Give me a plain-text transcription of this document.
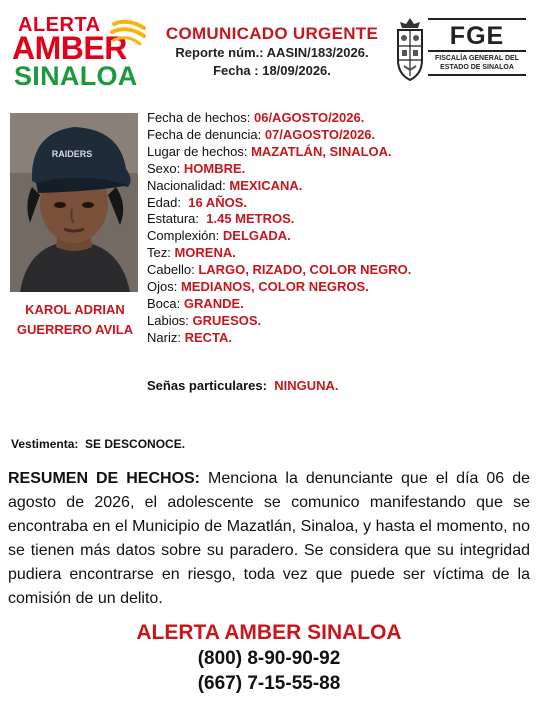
ALERTA
AMBER
SINALOA
COMUNICADO URGENTE
Reporte núm.: AASIN/183/2026.
Fecha : 18/09/2026.
FGE
FISCALÍA GENERAL DEL
ESTADO DE SINALOA
RAIDERS
KAROL ADRIAN
GUERRERO AVILA
Fecha de hechos: 06/AGOSTO/2026.
Fecha de denuncia: 07/AGOSTO/2026.
Lugar de hechos: MAZATLÁN, SINALOA.
Sexo: HOMBRE.
Nacionalidad: MEXICANA.
Edad: 16 AÑOS.
Estatura: 1.45 METROS.
Complexión: DELGADA.
Tez: MORENA.
Cabello: LARGO, RIZADO, COLOR NEGRO.
Ojos: MEDIANOS, COLOR NEGROS.
Boca: GRANDE.
Labios: GRUESOS.
Nariz: RECTA.
Señas particulares: NINGUNA.
Vestimenta: SE DESCONOCE.
RESUMEN DE HECHOS: Menciona la denunciante que el día 06 de agosto de 2026, el adolescente se comunico manifestando que se encontraba en el Municipio de Mazatlán, Sinaloa, y hasta el momento, no se tienen más datos sobre su paradero. Se considera que su integridad pudiera encontrarse en riesgo, toda vez que puede ser víctima de la comisión de un delito.
ALERTA AMBER SINALOA
(800) 8-90-90-92
(667) 7-15-55-88
